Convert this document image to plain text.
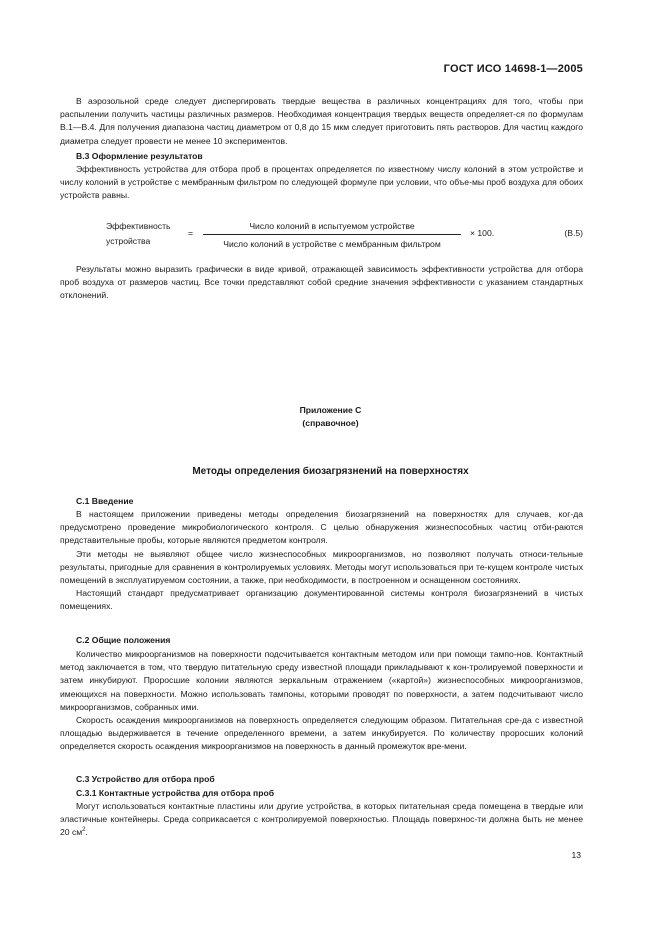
ГОСТ ИСО 14698-1—2005

В аэрозольной среде следует диспергировать твердые вещества в различных концентрациях для того, чтобы при распылении получить частицы различных размеров. Необходимая концентрация твердых веществ определяет-ся по формулам В.1—В.4. Для получения диапазона частиц диаметром от 0,8 до 15 мкм следует приготовить пять растворов. Для частиц каждого диаметра следует провести не менее 10 экспериментов.

В.3 Оформление результатов

Эффективность устройства для отбора проб в процентах определяется по известному числу колоний в этом устройстве и числу колоний в устройстве с мембранным фильтром по следующей формуле при условии, что объе-мы проб воздуха для обоих устройств равны.

Эффективность
устройства
=
Число колоний в испытуемом устройстве
Число колоний в устройстве с мембранным фильтром
× 100.	(В.5)

Результаты можно выразить графически в виде кривой, отражающей зависимость эффективности устройства для отбора проб воздуха от размеров частиц. Все точки представляют собой средние значения эффективности с указанием стандартных отклонений.

Приложение С
(справочное)
Методы определения биозагрязнений на поверхностях
С.1 Введение

В настоящем приложении приведены методы определения биозагрязнений на поверхностях для случаев, ког-да предусмотрено проведение микробиологического контроля. С целью обнаружения жизнеспособных частиц отби-раются представительные пробы, которые являются предметом контроля.

Эти методы не выявляют общее число жизнеспособных микроорганизмов, но позволяют получать относи-тельные результаты, пригодные для сравнения в контролируемых условиях. Методы могут использоваться при те-кущем контроле чистых помещений в эксплуатируемом состоянии, а также, при необходимости, в построенном и оснащенном состояниях.

Настоящий стандарт предусматривает организацию документированной системы контроля биозагрязнений в чистых помещениях.

С.2 Общие положения

Количество микроорганизмов на поверхности подсчитывается контактным методом или при помощи тампо-нов. Контактный метод заключается в том, что твердую питательную среду известной площади прикладывают к кон-тролируемой поверхности и затем инкубируют. Проросшие колонии являются зеркальным отражением («картой») жизнеспособных микроорганизмов, имеющихся на поверхности. Можно использовать тампоны, которыми проводят по поверхности, а затем подсчитывают число микроорганизмов, собранных ими.

Скорость осаждения микроорганизмов на поверхность определяется следующим образом. Питательная сре-да с известной площадью выдерживается в течение определенного времени, а затем инкубируется. По количеству проросших колоний определяется скорость осаждения микроорганизмов на поверхность в данный промежуток вре-мени.

С.3 Устройство для отбора проб
С.3.1 Контактные устройства для отбора проб

Могут использоваться контактные пластины или другие устройства, в которых питательная среда помещена в твердые или эластичные контейнеры. Среда соприкасается с контролируемой поверхностью. Площадь поверхнос-ти должна быть не менее 20 $см^2$.

13
